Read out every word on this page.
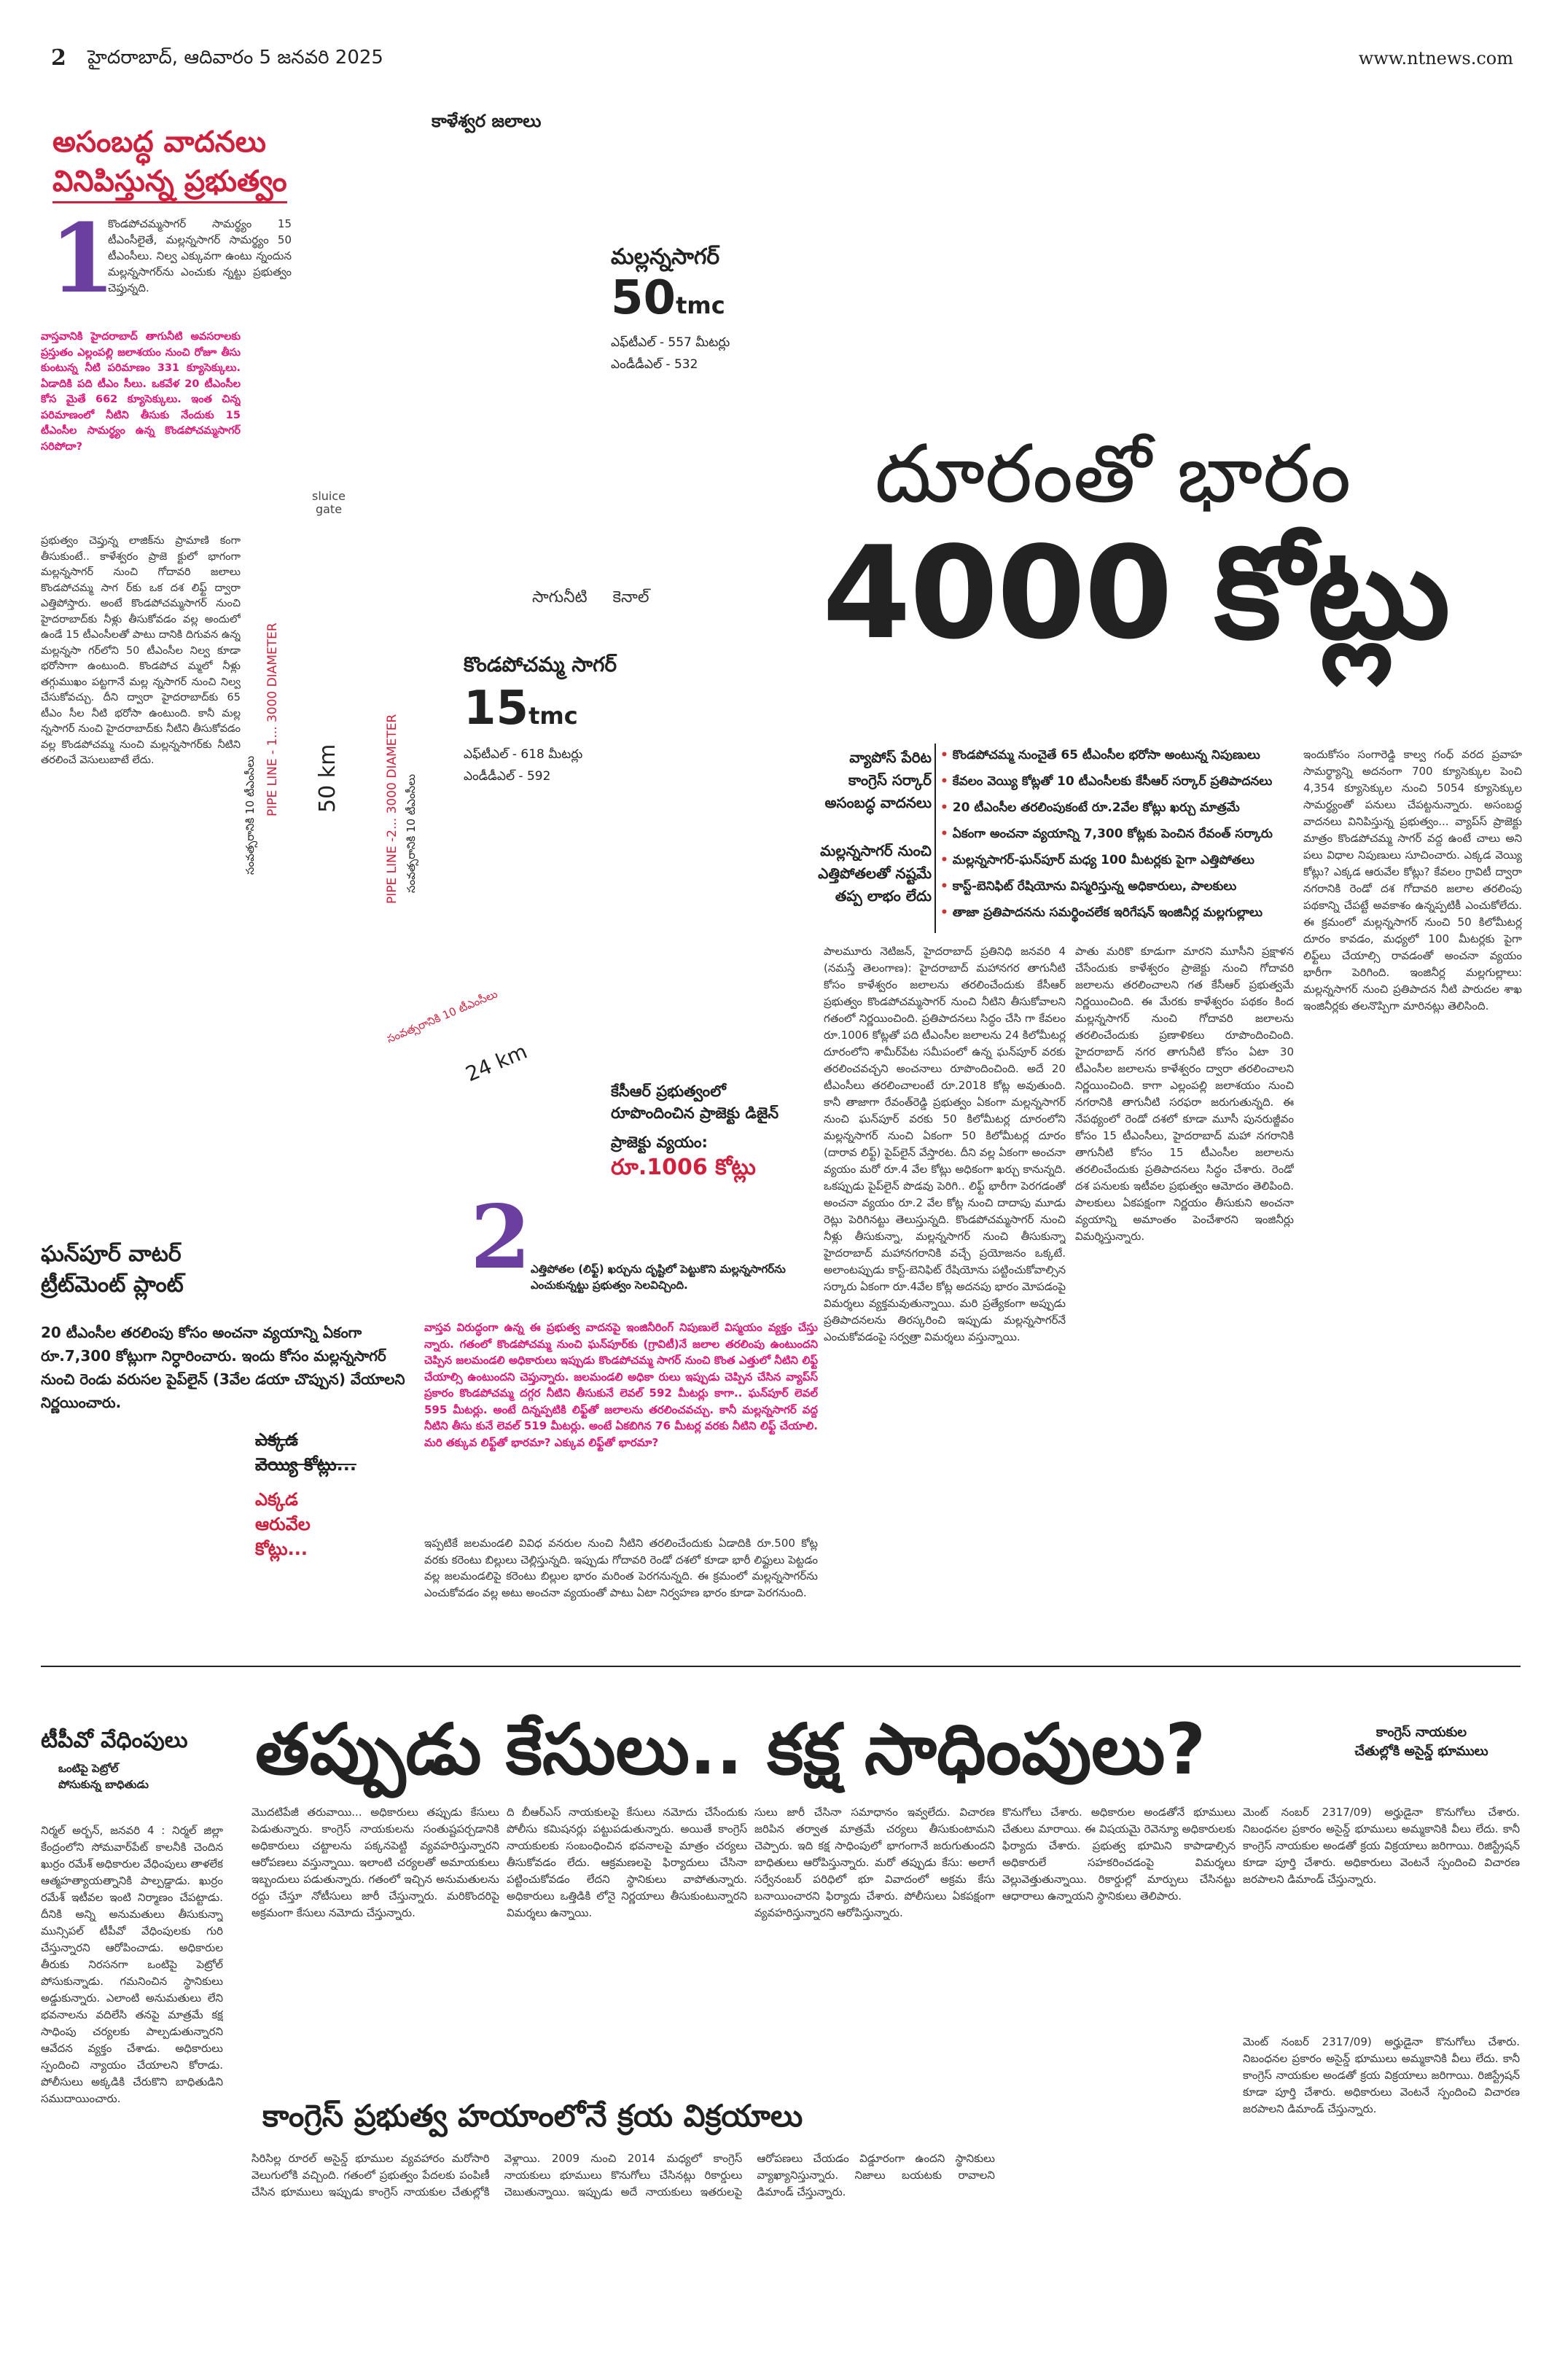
2 హైదరాబాద్, ఆదివారం 5 జనవరి 2025	www.ntnews.com
అసంబద్ధ వాదనలు
వినిపిస్తున్న ప్రభుత్వం
1
కొండపోచమ్మసాగర్ సామర్థ్యం 15 టీఎంసీలైతే, మల్లన్నసాగర్ సామర్థ్యం 50 టీఎంసీలు. నిల్వ ఎక్కువగా ఉంటు న్నందున మల్లన్నసాగర్‌ను ఎంచుకు న్నట్టు ప్రభుత్వం చెప్తున్నది.
వాస్తవానికి హైదరాబాద్ తాగునీటి అవసరాలకు ప్రస్తుతం ఎల్లంపల్లి జలాశయం నుంచి రోజూ తీసు కుంటున్న నీటి పరిమాణం 331 క్యూసెక్కులు. ఏడాదికి పది టీఎం సీలు. ఒకవేళ 20 టీఎంసీల కోస మైతే 662 క్యూసెక్కులు. ఇంత చిన్న పరిమాణంలో నీటిని తీసుకు నేందుకు 15 టీఎంసీల సామర్థ్యం ఉన్న కొండపోచమ్మసాగర్ సరిపోదా?
ప్రభుత్వం చెప్తున్న లాజిక్‌ను ప్రామాణి కంగా తీసుకుంటే.. కాళేశ్వరం ప్రాజె క్టులో భాగంగా మల్లన్నసాగర్ నుంచి గోదావరి జలాలు కొండపోచమ్మ సాగ ర్‌కు ఒక దశ లిఫ్ట్ ద్వారా ఎత్తిపోస్తారు. అంటే కొండపోచమ్మసాగర్ నుంచి హైదరాబాద్‌కు నీళ్లు తీసుకోవడం వల్ల అందులో ఉండే 15 టీఎంసీలతో పాటు దానికి దిగువన ఉన్న మల్లన్నసా గర్‌లోని 50 టీఎంసీల నిల్వ కూడా భరోసాగా ఉంటుంది. కొండపోచ మ్మలో నీళ్లు తగ్గుముఖం పట్టగానే మల్ల న్నసాగర్ నుంచి నిల్వ చేసుకోవచ్చు. దీని ద్వారా హైదరాబాద్‌కు 65 టీఎం సీల నీటి భరోసా ఉంటుంది. కానీ మల్ల న్నసాగర్ నుంచి హైదరాబాద్‌కు నీటిని తీసుకోవడం వల్ల కొండపోచమ్మ నుంచి మల్లన్నసాగర్‌కు నీటిని తరలించే వెసులుబాటే లేదు.
కాళేశ్వర జలాలు
మల్లన్నసాగర్
50tmc
ఎఫ్‌టీఎల్ - 557 మీటర్లు
ఎండీడీఎల్ - 532
sluice
gate
సాగునీటి     కెనాల్
కొండపోచమ్మ సాగర్
15tmc
ఎఫ్‌టీఎల్ - 618 మీటర్లు
ఎండీడీఎల్ - 592
PIPE LINE - 1... 3000 DIAMETER
సంవత్సరానికి 10 టీఎంసీలు	50 km	PIPE LINE -2... 3000 DIAMETER సంవత్సరానికి 10 టీఎంసీలు
24 km
సంవత్సరానికి 10 టీఎంసీలు
దూరంతో భారం
4000 కోట్లు
వ్యాపోస్ పేరిట
కాంగ్రెస్ సర్కార్
అసంబద్ధ వాదనలు
మల్లన్నసాగర్ నుంచి
ఎత్తిపోతలతో నష్టమే
తప్ప లాభం లేదు
• కొండపోచమ్మ నుంచైతే 65 టీఎంసీల భరోసా అంటున్న నిపుణులు
• కేవలం వెయ్యి కోట్లతో 10 టీఎంసీలకు కేసీఆర్ సర్కార్ ప్రతిపాదనలు
• 20 టీఎంసీల తరలింపుకంటే రూ.2వేల కోట్లు ఖర్చు మాత్రమే
• ఏకంగా అంచనా వ్యయాన్ని 7,300 కోట్లకు పెంచిన రేవంత్ సర్కారు
• మల్లన్నసాగర్-ఘన్‌పూర్ మధ్య 100 మీటర్లకు పైగా ఎత్తిపోతలు
• కాస్ట్-బెనిఫిట్ రేషియోను విస్మరిస్తున్న అధికారులు, పాలకులు
• తాజా ప్రతిపాదనను సమర్థించలేక ఇరిగేషన్ ఇంజినీర్ల మల్లగుల్లాలు
కేసీఆర్ ప్రభుత్వంలో
రూపొందించిన ప్రాజెక్టు డిజైన్
ప్రాజెక్టు వ్యయం:
రూ.1006 కోట్లు
2 ఎత్తిపోతల (లిఫ్ట్) ఖర్చును దృష్టిలో పెట్టుకొని మల్లన్నసాగర్‌ను ఎంచుకున్నట్టు ప్రభుత్వం సెలవిచ్చింది.
ఘన్‌పూర్ వాటర్
ట్రీట్‌మెంట్ ప్లాంట్
20 టీఎంసీల తరలింపు కోసం అంచనా వ్యయాన్ని ఏకంగా రూ.7,300 కోట్లుగా నిర్ధారించారు. ఇందు కోసం మల్లన్నసాగర్ నుంచి రెండు వరుసల పైప్‌లైన్ (3వేల డయా చొప్పున) వేయాలని నిర్ణయించారు.
ఎక్కడ
వెయ్యి కోట్లు...
ఎక్కడ
ఆరువేల
కోట్లు...
వాస్తవ విరుద్ధంగా ఉన్న ఈ ప్రభుత్వ వాదనపై ఇంజినీరింగ్ నిపుణులే విస్మయం వ్యక్తం చేస్తు న్నారు. గతంలో కొండపోచమ్మ నుంచి ఘన్‌పూర్‌కు (గ్రావిటీ)నే జలాల తరలింపు ఉంటుందని చెప్పిన జలమండలి అధికారులు ఇప్పుడు కొండపోచమ్మ సాగర్ నుంచి కొంత ఎత్తులో నీటిని లిఫ్ట్ చేయాల్సి ఉంటుందని చెప్తున్నారు. జలమండలి అధికా రులు ఇప్పుడు చెప్పిన చేసిన వ్యాప్‌స్ ప్రకారం కొండపోచమ్మ దగ్గర నీటిని తీసుకునే లెవల్ 592 మీటర్లు కాగా.. ఘన్‌పూర్ లెవల్ 595 మీటర్లు. అంటే దిన్నప్పటికి లిఫ్ట్‌తో జలాలను తరలించవచ్చు. కానీ మల్లన్నసాగర్ వద్ద నీటిని తీసు కునే లెవల్ 519 మీటర్లు. అంటే ఏకబిగిన 76 మీటర్ల వరకు నీటిని లిఫ్ట్ చేయాలి. మరి తక్కువ లిఫ్ట్‌తో భారమా? ఎక్కువ లిఫ్ట్‌తో భారమా?
ఇప్పటికే జలమండలి వివిధ వనరుల నుంచి నీటిని తరలించేందుకు ఏడాదికి రూ.500 కోట్ల వరకు కరెంటు బిల్లులు చెల్లిస్తున్నది. ఇప్పుడు గోదావరి రెండో దశలో కూడా భారీ లిఫ్టులు పెట్టడం వల్ల జలమండలిపై కరెంటు బిల్లుల భారం మరింత పెరగనున్నది. ఈ క్రమంలో మల్లన్నసాగర్‌ను ఎంచుకోవడం వల్ల అటు అంచనా వ్యయంతో పాటు ఏటా నిర్వహణ భారం కూడా పెరగనుంది.
పాలమూరు నెటిజన్, హైదరాబాద్ ప్రతినిధి జనవరి 4 (నమస్తే తెలంగాణ): హైదరాబాద్ మహానగర తాగునీటి కోసం కాళేశ్వరం జలాలను తరలించేందుకు కేసీఆర్ ప్రభుత్వం కొండపోచమ్మసాగర్ నుంచి నీటిని తీసుకోవాలని గతంలో నిర్ణయించింది. ప్రతిపాదనలు సిద్ధం చేసి గా కేవలం రూ.1006 కోట్లతో పది టీఎంసీల జలాలను 24 కిలోమీటర్ల దూరంలోని శామీర్‌పేట సమీపంలో ఉన్న ఘన్‌పూర్ వరకు తరలించవచ్చని అంచనాలు రూపొందించింది. అదే 20 టీఎంసీలు తరలించాలంటే రూ.2018 కోట్ల అవుతుంది. కానీ తాజాగా రేవంత్‌రెడ్డి ప్రభుత్వం ఏకంగా మల్లన్నసాగర్ నుంచి ఘన్‌పూర్ వరకు 50 కిలోమీటర్ల దూరంలోని మల్లన్నసాగర్ నుంచి ఏకంగా 50 కిలోమీటర్ల దూరం (దారావ లిఫ్ట్) పైప్‌లైన్ వేస్తారట. దీని వల్ల ఏకంగా అంచనా వ్యయం మరో రూ.4 వేల కోట్లు అధికంగా ఖర్చు కానున్నది. ఒకప్పుడు పైప్‌లైన్ పొడవు పెరిగి.. లిఫ్ట్ భారీగా పెరగడంతో అంచనా వ్యయం రూ.2 వేల కోట్ల నుంచి దాదాపు మూడు రెట్లు పెరిగినట్టు తెలుస్తున్నది. కొండపోచమ్మసాగర్ నుంచి నీళ్లు తీసుకున్నా, మల్లన్నసాగర్ నుంచి తీసుకున్నా హైదరాబాద్ మహానగరానికి వచ్చే ప్రయోజనం ఒక్కటే. అలాంటప్పుడు కాస్ట్-బెనిఫిట్ రేషియోను పట్టించుకోవాల్సిన సర్కారు ఏకంగా రూ.4వేల కోట్ల అదనపు భారం మోపడంపై విమర్శలు వ్యక్తమవుతున్నాయి. మరి ప్రత్యేకంగా అప్పుడు ప్రతిపాదనలను తిరస్కరించి ఇప్పుడు మల్లన్నసాగర్‌నే ఎంచుకోవడంపై సర్వత్రా విమర్శలు వస్తున్నాయి.
పాతు మరికొ కూడుగా మారని మూసీని ప్రక్షాళన చేసేందుకు కాళేశ్వరం ప్రాజెక్టు నుంచి గోదావరి జలాలను తరలించాలని గత కేసీఆర్ ప్రభుత్వమే నిర్ణయించింది. ఈ మేరకు కాళేశ్వరం పథకం కింద మల్లన్నసాగర్ నుంచి గోదావరి జలాలను తరలించేందుకు ప్రణాళికలు రూపొందించింది. హైదరాబాద్ నగర తాగునీటి కోసం ఏటా 30 టీఎంసీల జలాలను కాళేశ్వరం ద్వారా తరలించాలని నిర్ణయించింది. కాగా ఎల్లంపల్లి జలాశయం నుంచి నగరానికి తాగునీటి సరఫరా జరుగుతున్నది. ఈ నేపథ్యంలో రెండో దశలో కూడా మూసీ పునరుజ్జీవం కోసం 15 టీఎంసీలు, హైదరాబాద్ మహా నగరానికి తాగునీటి కోసం 15 టీఎంసీల జలాలను తరలించేందుకు ప్రతిపాదనలు సిద్ధం చేశారు. రెండో దశ పనులకు ఇటీవల ప్రభుత్వం ఆమోదం తెలిపింది. పాలకులు ఏకపక్షంగా నిర్ణయం తీసుకుని అంచనా వ్యయాన్ని అమాంతం పెంచేశారని ఇంజినీర్లు విమర్శిస్తున్నారు.
ఇందుకోసం సంగారెడ్డి కాల్వ గంధ్ వరద ప్రవాహ సామర్థ్యాన్ని అదనంగా 700 క్యూసెక్కుల పెంచి 4,354 క్యూసెక్కుల నుంచి 5054 క్యూసెక్కుల సామర్థ్యంతో పనులు చేపట్టనున్నారు. అసంబద్ధ వాదనలు వినిపిస్తున్న ప్రభుత్వం... వ్యాప్‌స్ ప్రాజెక్టు మాత్రం కొండపోచమ్మ సాగర్ వద్ద ఉంటే చాలు అని పలు విధాల నిపుణులు సూచించారు. ఎక్కడ వెయ్యి కోట్లు? ఎక్కడ ఆరువేల కోట్లు? కేవలం గ్రావిటీ ద్వారా నగరానికి రెండో దశ గోదావరి జలాల తరలింపు పథకాన్ని చేపట్టే అవకాశం ఉన్నప్పటికీ ఎంచుకోలేదు. ఈ క్రమంలో మల్లన్నసాగర్ నుంచి 50 కిలోమీటర్ల దూరం కావడం, మధ్యలో 100 మీటర్లకు పైగా లిఫ్ట్‌లు చేయాల్సి రావడంతో అంచనా వ్యయం భారీగా పెరిగింది. ఇంజినీర్ల మల్లగుల్లాలు: మల్లన్నసాగర్ నుంచి ప్రతిపాదన నీటి పారుదల శాఖ ఇంజినీర్లకు తలనొప్పిగా మారినట్లు తెలిసింది.
టీపీవో వేధింపులు
ఒంటిపై పెట్రోల్
పోసుకున్న బాధితుడు తప్పుడు కేసులు.. కక్ష సాధింపులు?	కాంగ్రెస్ నాయకుల
చేతుల్లోకి అసైన్డ్ భూములు
నిర్మల్ అర్బన్, జనవరి 4 : నిర్మల్ జిల్లా కేంద్రంలోని సోమవార్‌పేట్ కాలనీకి చెందిన ఖుర్రం రమేశ్ అధికారుల వేధింపులు తాళలేక ఆత్మహత్యాయత్నానికి పాల్పడ్డాడు. ఖుర్రం రమేశ్ ఇటీవల ఇంటి నిర్మాణం చేపట్టాడు. దీనికి అన్ని అనుమతులు తీసుకున్నా మున్సిపల్ టీపీవో వేధింపులకు గురి చేస్తున్నారని ఆరోపించాడు. అధికారుల తీరుకు నిరసనగా ఒంటిపై పెట్రోల్ పోసుకున్నాడు. గమనించిన స్థానికులు అడ్డుకున్నారు. ఎలాంటి అనుమతులు లేని భవనాలను వదిలేసి తనపై మాత్రమే కక్ష సాధింపు చర్యలకు పాల్పడుతున్నారని ఆవేదన వ్యక్తం చేశాడు. అధికారులు స్పందించి న్యాయం చేయాలని కోరాడు. పోలీసులు అక్కడికి చేరుకొని బాధితుడిని సముదాయించారు.
మొదటిపేజీ తరువాయి... అధికారులు తప్పుడు కేసులు పెడుతున్నారు. కాంగ్రెస్ నాయకులను సంతుష్టపర్చడానికి అధికారులు చట్టాలను పక్కనపెట్టి వ్యవహరిస్తున్నారని ఆరోపణలు వస్తున్నాయి. ఇలాంటి చర్యలతో అమాయకులు ఇబ్బందులు పడుతున్నారు. గతంలో ఇచ్చిన అనుమతులను రద్దు చేస్తూ నోటీసులు జారీ చేస్తున్నారు. మరికొందరిపై అక్రమంగా కేసులు నమోదు చేస్తున్నారు.
ది బీఆర్ఎస్ నాయకులపై కేసులు నమోదు చేసేందుకు పోలీసు కమిషనర్లు పట్టుపడుతున్నారు. అయితే కాంగ్రెస్ నాయకులకు సంబంధించిన భవనాలపై మాత్రం చర్యలు తీసుకోవడం లేదు. ఆక్రమణలపై ఫిర్యాదులు చేసినా పట్టించుకోవడం లేదని స్థానికులు వాపోతున్నారు. అధికారులు ఒత్తిడికి లోనై నిర్ణయాలు తీసుకుంటున్నారని విమర్శలు ఉన్నాయి.
సులు జారీ చేసినా సమాధానం ఇవ్వలేదు. విచారణ జరిపిన తర్వాత మాత్రమే చర్యలు తీసుకుంటామని చెప్పారు. ఇది కక్ష సాధింపులో భాగంగానే జరుగుతుందని బాధితులు ఆరోపిస్తున్నారు. మరో తప్పుడు కేసు: అలాగే సర్వేనంబర్ పరిధిలో భూ వివాదంలో అక్రమ కేసు బనాయించారని ఫిర్యాదు చేశారు. పోలీసులు ఏకపక్షంగా వ్యవహరిస్తున్నారని ఆరోపిస్తున్నారు.
కొనుగోలు చేశారు. అధికారుల అండతోనే భూములు చేతులు మారాయి. ఈ విషయమై రెవెన్యూ అధికారులకు ఫిర్యాదు చేశారు. ప్రభుత్వ భూమిని కాపాడాల్సిన అధికారులే సహకరించడంపై విమర్శలు వెల్లువెత్తుతున్నాయి. రికార్డుల్లో మార్పులు చేసినట్టు ఆధారాలు ఉన్నాయని స్థానికులు తెలిపారు.
మెంట్ నంబర్ 2317/09) అర్హుడైనా కొనుగోలు చేశారు. నిబంధనల ప్రకారం అసైన్డ్ భూములు అమ్మకానికి వీలు లేదు. కానీ కాంగ్రెస్ నాయకుల అండతో క్రయ విక్రయాలు జరిగాయి. రిజిస్ట్రేషన్ కూడా పూర్తి చేశారు. అధికారులు వెంటనే స్పందించి విచారణ జరపాలని డిమాండ్ చేస్తున్నారు.
కాంగ్రెస్ ప్రభుత్వ హయాంలోనే క్రయ విక్రయాలు
సిరిసిల్ల రూరల్ అసైన్డ్ భూముల వ్యవహారం మరోసారి వెలుగులోకి వచ్చింది. గతంలో ప్రభుత్వం పేదలకు పంపిణీ చేసిన భూములు ఇప్పుడు కాంగ్రెస్ నాయకుల చేతుల్లోకి వెళ్లాయి. 2009 నుంచి 2014 మధ్యలో కాంగ్రెస్ నాయకులు భూములు కొనుగోలు చేసినట్లు రికార్డులు చెబుతున్నాయి. ఇప్పుడు అదే నాయకులు ఇతరులపై ఆరోపణలు చేయడం విడ్డూరంగా ఉందని స్థానికులు వ్యాఖ్యానిస్తున్నారు. నిజాలు బయటకు రావాలని డిమాండ్ చేస్తున్నారు.
మెంట్ నంబర్ 2317/09) అర్హుడైనా కొనుగోలు చేశారు. నిబంధనల ప్రకారం అసైన్డ్ భూములు అమ్మకానికి వీలు లేదు. కానీ కాంగ్రెస్ నాయకుల అండతో క్రయ విక్రయాలు జరిగాయి. రిజిస్ట్రేషన్ కూడా పూర్తి చేశారు. అధికారులు వెంటనే స్పందించి విచారణ జరపాలని డిమాండ్ చేస్తున్నారు.
